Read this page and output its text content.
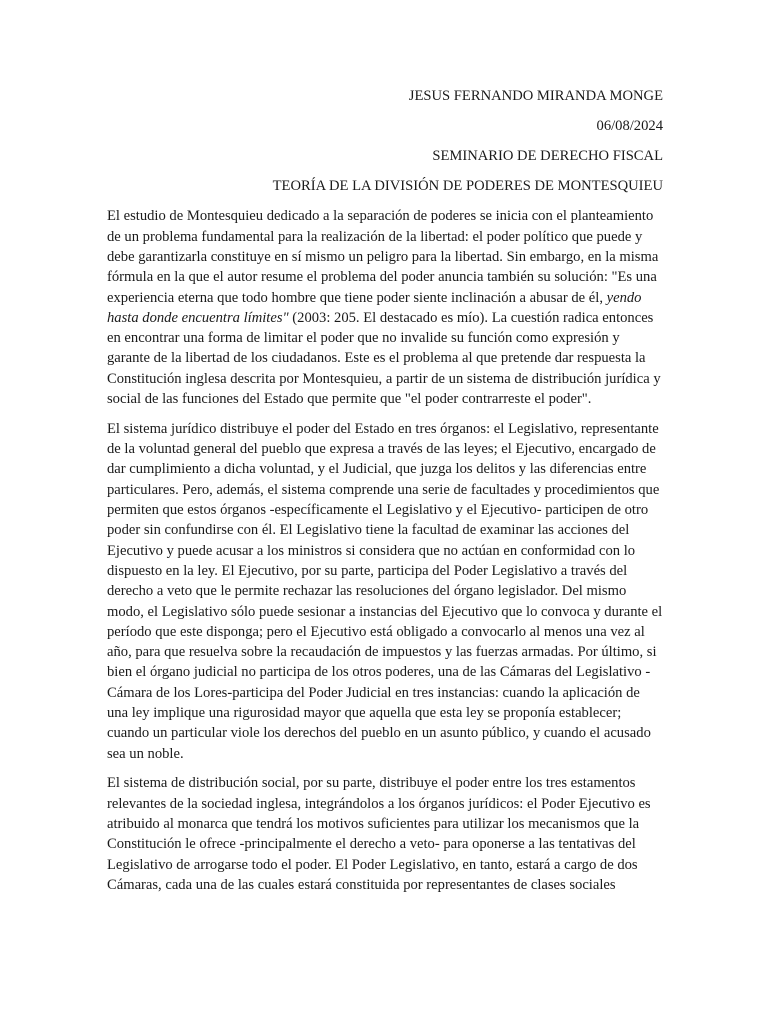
JESUS FERNANDO MIRANDA MONGE
06/08/2024
SEMINARIO DE DERECHO FISCAL
TEORÍA DE LA DIVISIÓN DE PODERES DE MONTESQUIEU

El estudio de Montesquieu dedicado a la separación de poderes se inicia con el planteamiento de un problema fundamental para la realización de la libertad: el poder político que puede y debe garantizarla constituye en sí mismo un peligro para la libertad. Sin embargo, en la misma fórmula en la que el autor resume el problema del poder anuncia también su solución: "Es una experiencia eterna que todo hombre que tiene poder siente inclinación a abusar de él, yendo hasta donde encuentra límites" (2003: 205. El destacado es mío). La cuestión radica entonces en encontrar una forma de limitar el poder que no invalide su función como expresión y garante de la libertad de los ciudadanos. Este es el problema al que pretende dar respuesta la Constitución inglesa descrita por Montesquieu, a partir de un sistema de distribución jurídica y social de las funciones del Estado que permite que "el poder contrarreste el poder".

El sistema jurídico distribuye el poder del Estado en tres órganos: el Legislativo, representante de la voluntad general del pueblo que expresa a través de las leyes; el Ejecutivo, encargado de dar cumplimiento a dicha voluntad, y el Judicial, que juzga los delitos y las diferencias entre particulares. Pero, además, el sistema comprende una serie de facultades y procedimientos que permiten que estos órganos -específicamente el Legislativo y el Ejecutivo- participen de otro poder sin confundirse con él. El Legislativo tiene la facultad de examinar las acciones del Ejecutivo y puede acusar a los ministros si considera que no actúan en conformidad con lo dispuesto en la ley. El Ejecutivo, por su parte, participa del Poder Legislativo a través del derecho a veto que le permite rechazar las resoluciones del órgano legislador. Del mismo modo, el Legislativo sólo puede sesionar a instancias del Ejecutivo que lo convoca y durante el período que este disponga; pero el Ejecutivo está obligado a convocarlo al menos una vez al año, para que resuelva sobre la recaudación de impuestos y las fuerzas armadas. Por último, si bien el órgano judicial no participa de los otros poderes, una de las Cámaras del Legislativo - Cámara de los Lores-participa del Poder Judicial en tres instancias: cuando la aplicación de una ley implique una rigurosidad mayor que aquella que esta ley se proponía establecer; cuando un particular viole los derechos del pueblo en un asunto público, y cuando el acusado sea un noble.

El sistema de distribución social, por su parte, distribuye el poder entre los tres estamentos relevantes de la sociedad inglesa, integrándolos a los órganos jurídicos: el Poder Ejecutivo es atribuido al monarca que tendrá los motivos suficientes para utilizar los mecanismos que la Constitución le ofrece -principalmente el derecho a veto- para oponerse a las tentativas del Legislativo de arrogarse todo el poder. El Poder Legislativo, en tanto, estará a cargo de dos Cámaras, cada una de las cuales estará constituida por representantes de clases sociales
